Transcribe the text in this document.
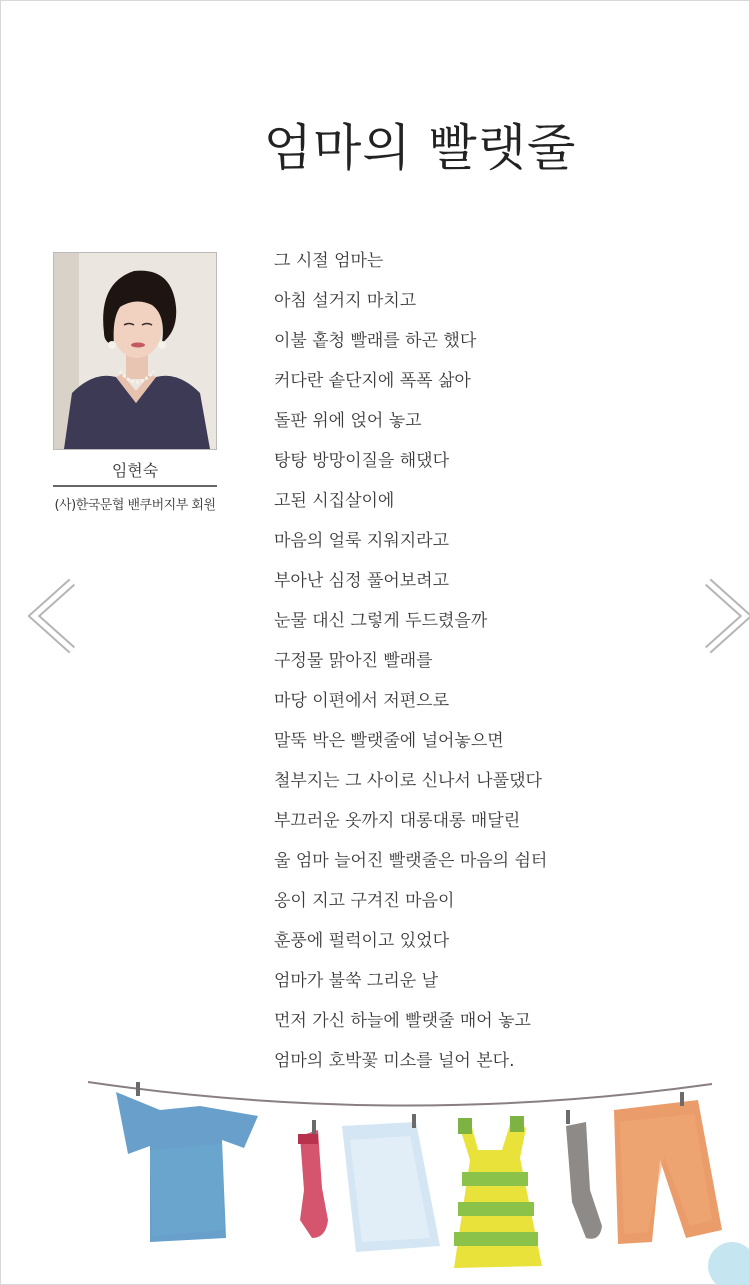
엄마의 빨랫줄
임현숙
(사)한국문협 밴쿠버지부 회원
그 시절 엄마는
아침 설거지 마치고
이불 홑청 빨래를 하곤 했다
커다란 솥단지에 폭폭 삶아
돌판 위에 얹어 놓고
탕탕 방망이질을 해댔다
고된 시집살이에
마음의 얼룩 지워지라고
부아난 심정 풀어보려고
눈물 대신 그렇게 두드렸을까
구정물 맑아진 빨래를
마당 이편에서 저편으로
말뚝 박은 빨랫줄에 널어놓으면
철부지는 그 사이로 신나서 나풀댔다
부끄러운 옷까지 대롱대롱 매달린
울 엄마 늘어진 빨랫줄은 마음의 쉼터
옹이 지고 구겨진 마음이
훈풍에 펄럭이고 있었다
엄마가 불쑥 그리운 날
먼저 가신 하늘에 빨랫줄 매어 놓고
엄마의 호박꽃 미소를 널어 본다.
